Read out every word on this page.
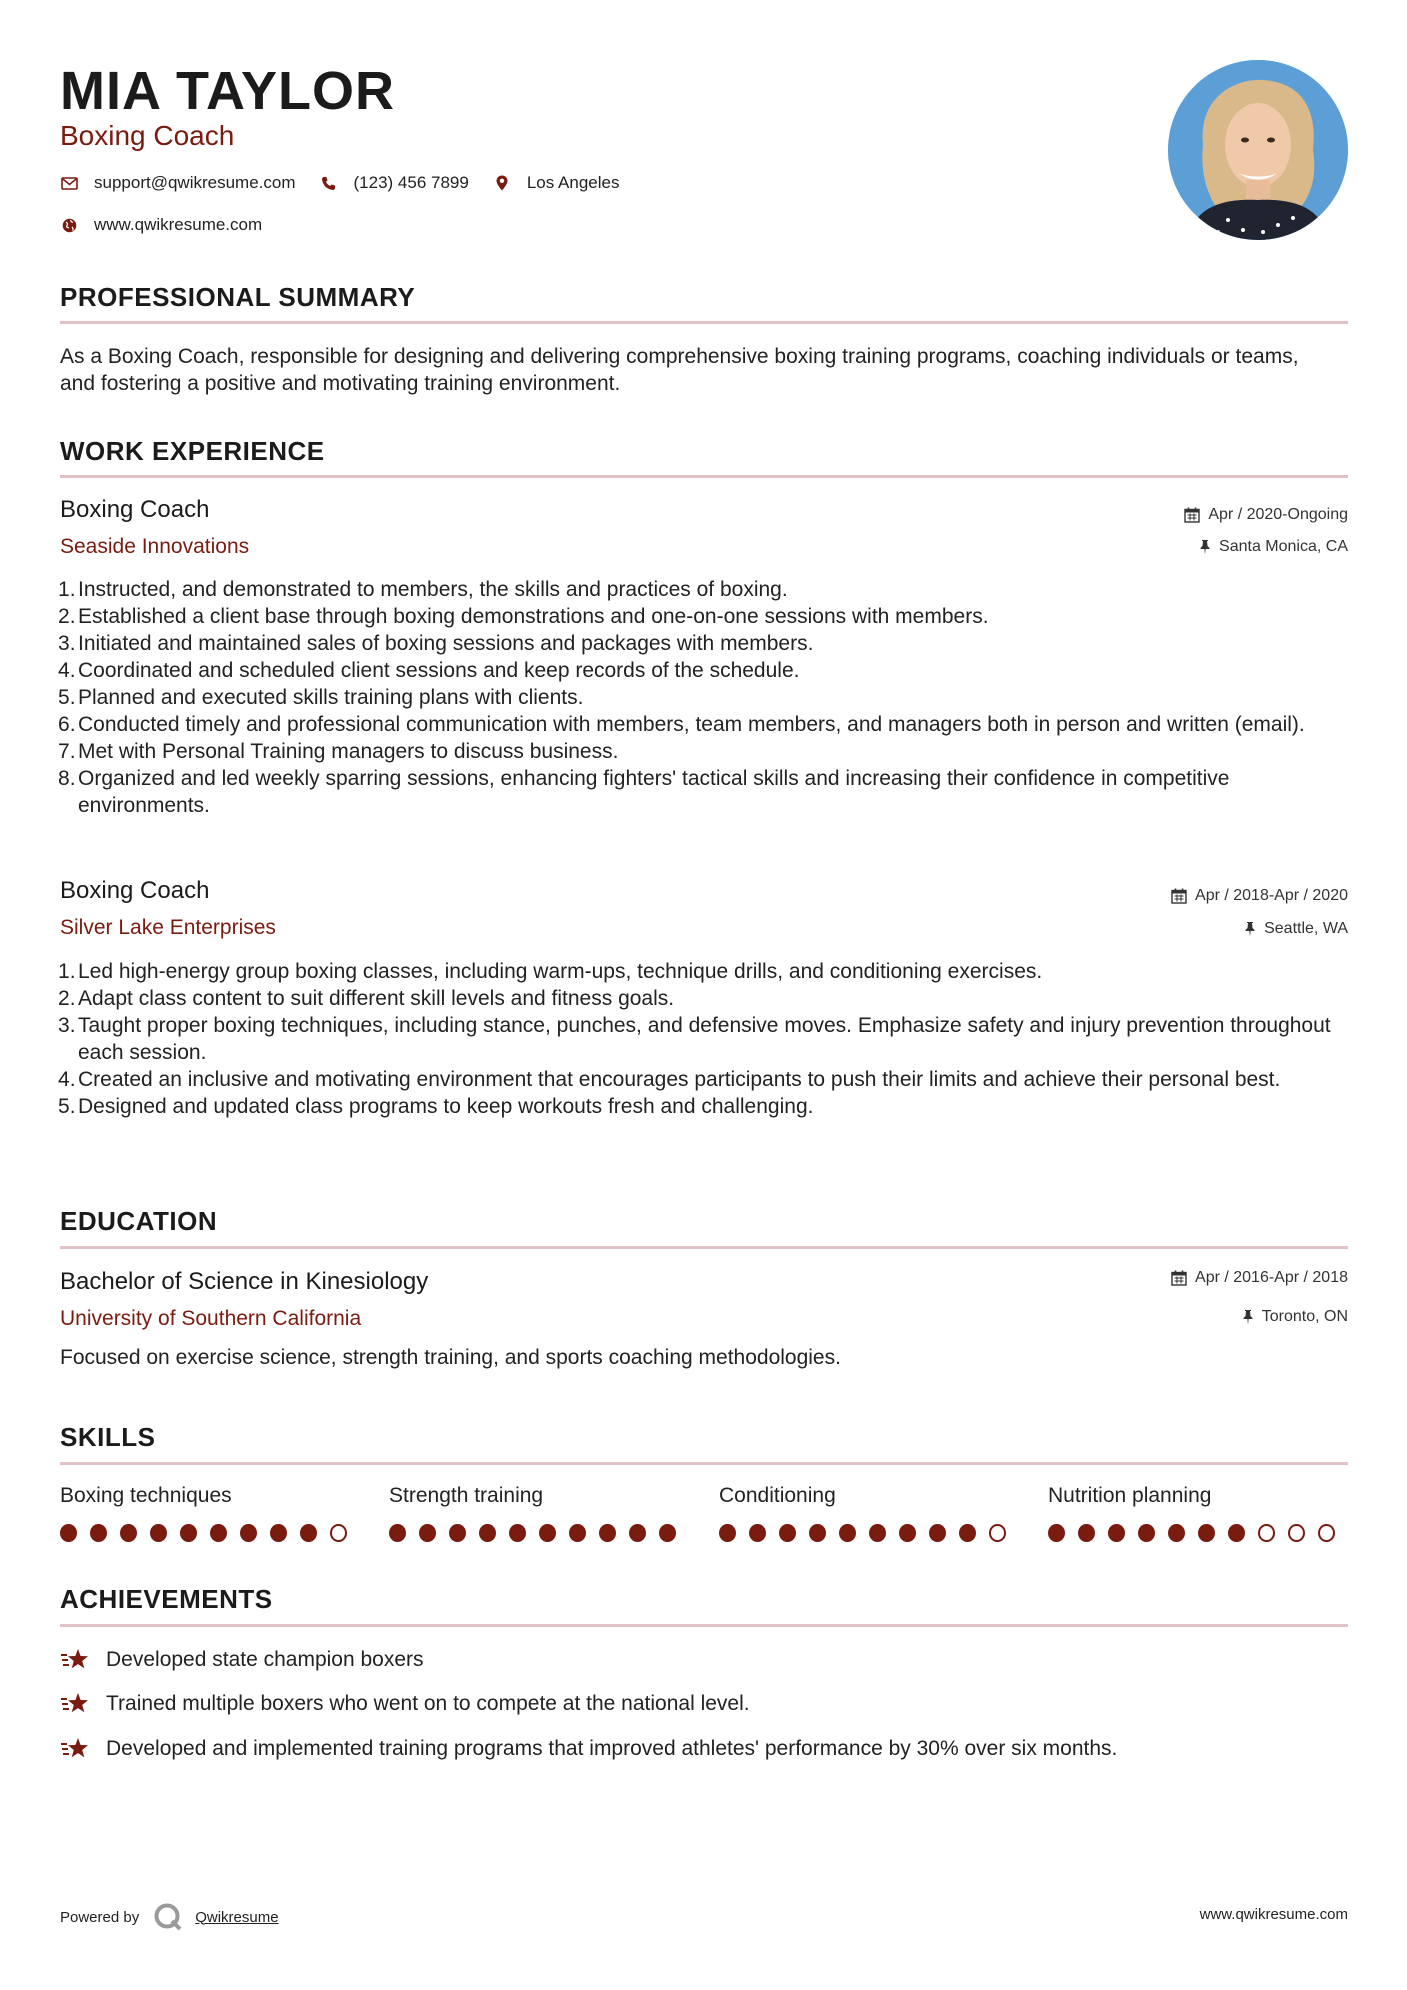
MIA TAYLOR
Boxing Coach
support@qwikresume.com	(123) 456 7899	Los Angeles
www.qwikresume.com
PROFESSIONAL SUMMARY
As a Boxing Coach, responsible for designing and delivering comprehensive boxing training programs, coaching individuals or teams, and fostering a positive and motivating training environment.
WORK EXPERIENCE
Boxing Coach	Apr / 2020-Ongoing
Seaside Innovations	Santa Monica, CA
Instructed, and demonstrated to members, the skills and practices of boxing.
Established a client base through boxing demonstrations and one-on-one sessions with members.
Initiated and maintained sales of boxing sessions and packages with members.
Coordinated and scheduled client sessions and keep records of the schedule.
Planned and executed skills training plans with clients.
Conducted timely and professional communication with members, team members, and managers both in person and written (email).
Met with Personal Training managers to discuss business.
Organized and led weekly sparring sessions, enhancing fighters' tactical skills and increasing their confidence in competitive environments.
Boxing Coach	Apr / 2018-Apr / 2020
Silver Lake Enterprises	Seattle, WA
Led high-energy group boxing classes, including warm-ups, technique drills, and conditioning exercises.
Adapt class content to suit different skill levels and fitness goals.
Taught proper boxing techniques, including stance, punches, and defensive moves. Emphasize safety and injury prevention throughout each session.
Created an inclusive and motivating environment that encourages participants to push their limits and achieve their personal best.
Designed and updated class programs to keep workouts fresh and challenging.
EDUCATION
Bachelor of Science in Kinesiology	Apr / 2016-Apr / 2018
University of Southern California	Toronto, ON
Focused on exercise science, strength training, and sports coaching methodologies.
SKILLS
Boxing techniques	Strength training	Conditioning	Nutrition planning
ACHIEVEMENTS
Developed state champion boxers
Trained multiple boxers who went on to compete at the national level.
Developed and implemented training programs that improved athletes' performance by 30% over six months.
Powered by	Qwikresume	www.qwikresume.com
